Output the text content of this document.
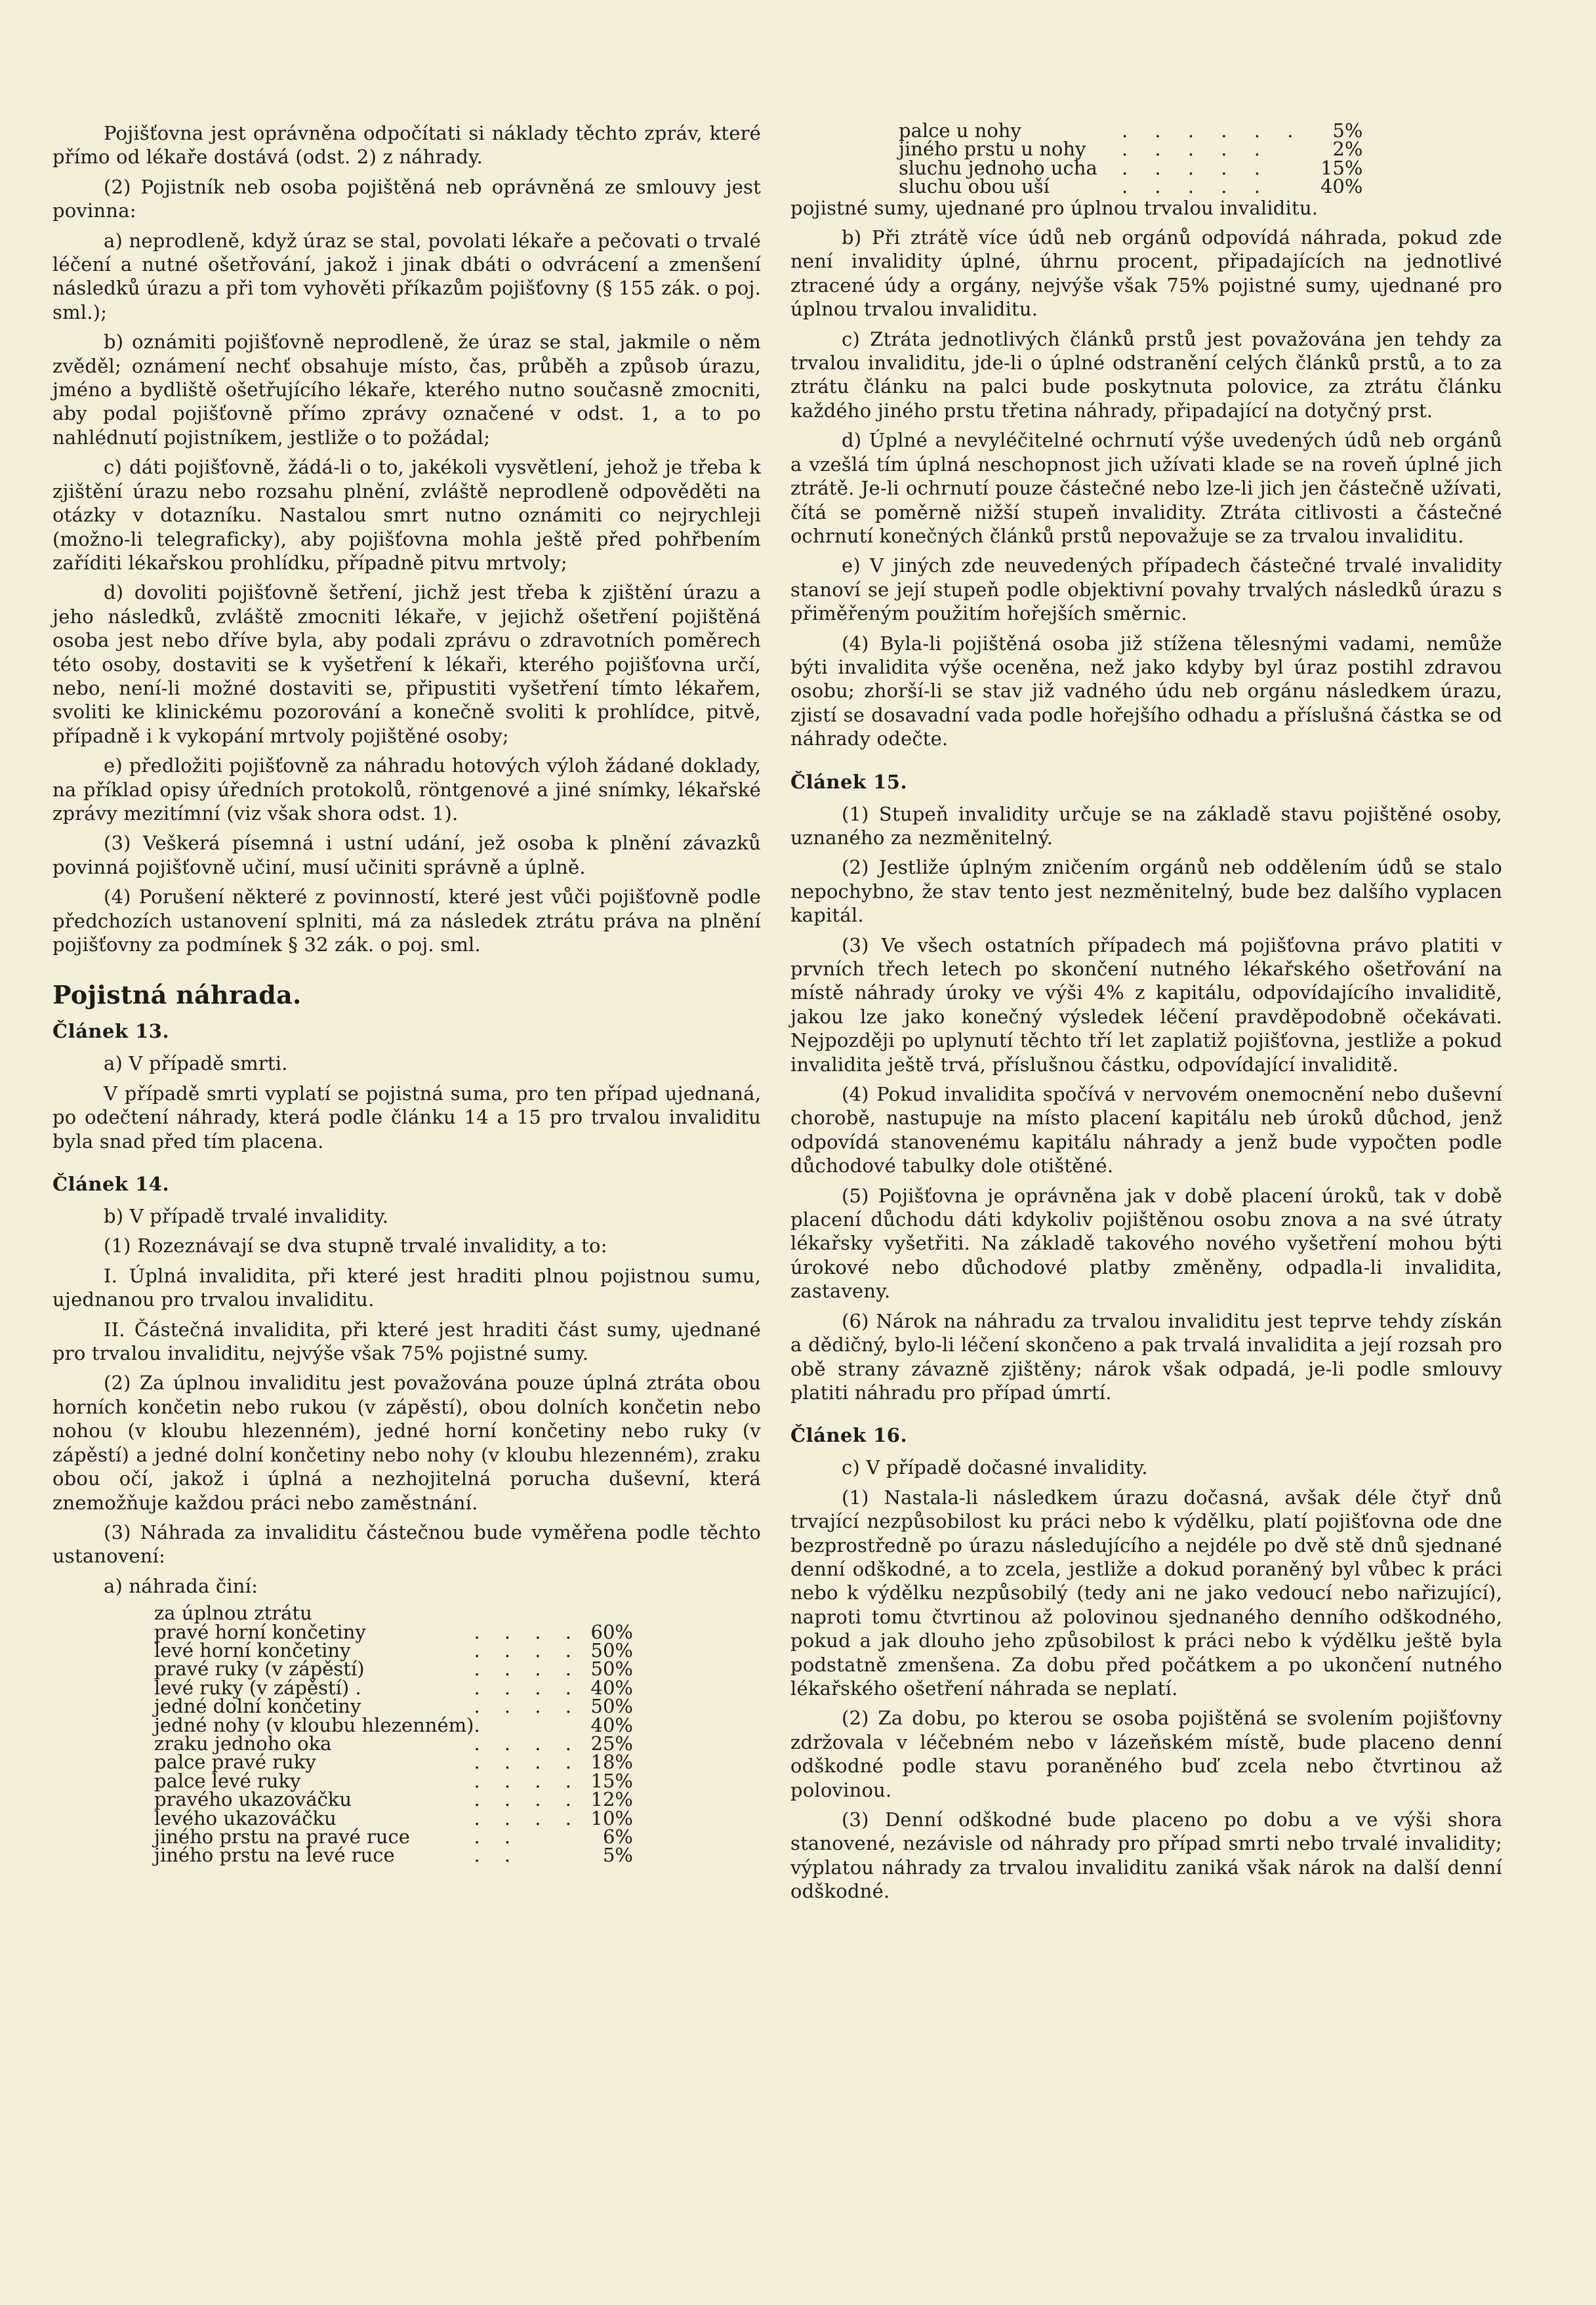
Pojišťovna jest oprávněna odpočítati si náklady těchto zpráv, které přímo od lékaře dostává (odst. 2) z náhrady.

(2) Pojistník neb osoba pojištěná neb oprávněná ze smlouvy jest povinna:

a) neprodleně, když úraz se stal, povolati lékaře a pečovati o trvalé léčení a nutné ošetřování, jakož i jinak dbáti o odvrácení a zmenšení následků úrazu a při tom vyhověti příkazům pojišťovny (§ 155 zák. o poj. sml.);

b) oznámiti pojišťovně neprodleně, že úraz se stal, jakmile o něm zvěděl; oznámení nechť obsahuje místo, čas, průběh a způsob úrazu, jméno a bydliště ošetřujícího lékaře, kterého nutno současně zmocniti, aby podal pojišťovně přímo zprávy označené v odst. 1, a to po nahlédnutí pojistníkem, jestliže o to požádal;

c) dáti pojišťovně, žádá-li o to, jakékoli vysvětlení, jehož je třeba k zjištění úrazu nebo rozsahu plnění, zvláště neprodleně odpověděti na otázky v dotazníku. Nastalou smrt nutno oznámiti co nejrychleji (možno-li telegraficky), aby pojišťovna mohla ještě před pohřbením zaříditi lékařskou prohlídku, případně pitvu mrtvoly;

d) dovoliti pojišťovně šetření, jichž jest třeba k zjištění úrazu a jeho následků, zvláště zmocniti lékaře, v jejichž ošetření pojištěná osoba jest nebo dříve byla, aby podali zprávu o zdravotních poměrech této osoby, dostaviti se k vyšetření k lékaři, kterého pojišťovna určí, nebo, není-li možné dostaviti se, připustiti vyšetření tímto lékařem, svoliti ke klinickému pozorování a konečně svoliti k prohlídce, pitvě, případně i k vykopání mrtvoly pojištěné osoby;

e) předložiti pojišťovně za náhradu hotových výloh žádané doklady, na příklad opisy úředních protokolů, röntgenové a jiné snímky, lékařské zprávy mezitímní (viz však shora odst. 1).

(3) Veškerá písemná i ustní udání, jež osoba k plnění závazků povinná pojišťovně učiní, musí učiniti správně a úplně.

(4) Porušení některé z povinností, které jest vůči pojišťovně podle předchozích ustanovení splniti, má za následek ztrátu práva na plnění pojišťovny za podmínek § 32 zák. o poj. sml.

Pojistná náhrada.
Článek 13.

a) V případě smrti.

V případě smrti vyplatí se pojistná suma, pro ten případ ujednaná, po odečtení náhrady, která podle článku 14 a 15 pro trvalou invaliditu byla snad před tím placena.

Článek 14.

b) V případě trvalé invalidity.

(1) Rozeznávají se dva stupně trvalé invalidity, a to:

I. Úplná invalidita, při které jest hraditi plnou pojistnou sumu, ujednanou pro trvalou invaliditu.

II. Částečná invalidita, při které jest hraditi část sumy, ujednané pro trvalou invaliditu, nejvýše však 75% pojistné sumy.

(2) Za úplnou invaliditu jest považována pouze úplná ztráta obou horních končetin nebo rukou (v zápěstí), obou dolních končetin nebo nohou (v kloubu hlezenném), jedné horní končetiny nebo ruky (v zápěstí) a jedné dolní končetiny nebo nohy (v kloubu hlezenném), zraku obou očí, jakož i úplná a nezhojitelná porucha duševní, která znemožňuje každou práci nebo zaměstnání.

(3) Náhrada za invaliditu částečnou bude vyměřena podle těchto ustanovení:

a) náhrada činí:

za úplnou ztrátu		
pravé horní končetiny	. . . .	60%
levé horní končetiny	. . . .	50%
pravé ruky (v zápěstí)	. . . .	50%
levé ruky (v zápěstí) .	. . . .	40%
jedné dolní končetiny	. . . .	50%
jedné nohy (v kloubu hlezenném)	.	40%
zraku jednoho oka	. . . .	25%
palce pravé ruky	. . . .	18%
palce levé ruky	. . . .	15%
pravého ukazováčku	. . . .	12%
levého ukazováčku	. . . .	10%
jiného prstu na pravé ruce	. .	6%
jiného prstu na levé ruce	. .	5%
palce u nohy	. . . . . .	5%
jiného prstu u nohy	. . . . .	2%
sluchu jednoho ucha	. . . . .	15%
sluchu obou uší	. . . . .	40%

pojistné sumy, ujednané pro úplnou trvalou invaliditu.

b) Při ztrátě více údů neb orgánů odpovídá náhrada, pokud zde není invalidity úplné, úhrnu procent, připadajících na jednotlivé ztracené údy a orgány, nejvýše však 75% pojistné sumy, ujednané pro úplnou trvalou invaliditu.

c) Ztráta jednotlivých článků prstů jest považována jen tehdy za trvalou invaliditu, jde-li o úplné odstranění celých článků prstů, a to za ztrátu článku na palci bude poskytnuta polovice, za ztrátu článku každého jiného prstu třetina náhrady, připadající na dotyčný prst.

d) Úplné a nevyléčitelné ochrnutí výše uvedených údů neb orgánů a vzešlá tím úplná neschopnost jich užívati klade se na roveň úplné jich ztrátě. Je-li ochrnutí pouze částečné nebo lze-li jich jen částečně užívati, čítá se poměrně nižší stupeň invalidity. Ztráta citlivosti a částečné ochrnutí konečných článků prstů nepovažuje se za trvalou invaliditu.

e) V jiných zde neuvedených případech částečné trvalé invalidity stanoví se její stupeň podle objektivní povahy trvalých následků úrazu s přiměřeným použitím hořejších směrnic.

(4) Byla-li pojištěná osoba již stížena tělesnými vadami, nemůže býti invalidita výše oceněna, než jako kdyby byl úraz postihl zdravou osobu; zhorší-li se stav již vadného údu neb orgánu následkem úrazu, zjistí se dosavadní vada podle hořejšího odhadu a příslušná částka se od náhrady odečte.

Článek 15.

(1) Stupeň invalidity určuje se na základě stavu pojištěné osoby, uznaného za nezměnitelný.

(2) Jestliže úplným zničením orgánů neb oddělením údů se stalo nepochybno, že stav tento jest nezměnitelný, bude bez dalšího vyplacen kapitál.

(3) Ve všech ostatních případech má pojišťovna právo platiti v prvních třech letech po skončení nutného lékařského ošetřování na místě náhrady úroky ve výši 4% z kapitálu, odpovídajícího invaliditě, jakou lze jako konečný výsledek léčení pravděpodobně očekávati. Nejpozději po uplynutí těchto tří let zaplatiž pojišťovna, jestliže a pokud invalidita ještě trvá, příslušnou částku, odpovídající invaliditě.

(4) Pokud invalidita spočívá v nervovém onemocnění nebo duševní chorobě, nastupuje na místo placení kapitálu neb úroků důchod, jenž odpovídá stanovenému kapitálu náhrady a jenž bude vypočten podle důchodové tabulky dole otištěné.

(5) Pojišťovna je oprávněna jak v době placení úroků, tak v době placení důchodu dáti kdykoliv pojištěnou osobu znova a na své útraty lékařsky vyšetřiti. Na základě takového nového vyšetření mohou býti úrokové nebo důchodové platby změněny, odpadla-li invalidita, zastaveny.

(6) Nárok na náhradu za trvalou invaliditu jest teprve tehdy získán a dědičný, bylo-li léčení skončeno a pak trvalá invalidita a její rozsah pro obě strany závazně zjištěny; nárok však odpadá, je-li podle smlouvy platiti náhradu pro případ úmrtí.

Článek 16.

c) V případě dočasné invalidity.

(1) Nastala-li následkem úrazu dočasná, avšak déle čtyř dnů trvající nezpůsobilost ku práci nebo k výdělku, platí pojišťovna ode dne bezprostředně po úrazu následujícího a nejdéle po dvě stě dnů sjednané denní odškodné, a to zcela, jestliže a dokud poraněný byl vůbec k práci nebo k výdělku nezpůsobilý (tedy ani ne jako vedoucí nebo nařizující), naproti tomu čtvrtinou až polovinou sjednaného denního odškodného, pokud a jak dlouho jeho způsobilost k práci nebo k výdělku ještě byla podstatně zmenšena. Za dobu před počátkem a po ukončení nutného lékařského ošetření náhrada se neplatí.

(2) Za dobu, po kterou se osoba pojištěná se svolením pojišťovny zdržovala v léčebném nebo v lázeňském místě, bude placeno denní odškodné podle stavu poraněného buď zcela nebo čtvrtinou až polovinou.

(3) Denní odškodné bude placeno po dobu a ve výši shora stanovené, nezávisle od náhrady pro případ smrti nebo trvalé invalidity; výplatou náhrady za trvalou invaliditu zaniká však nárok na další denní odškodné.
